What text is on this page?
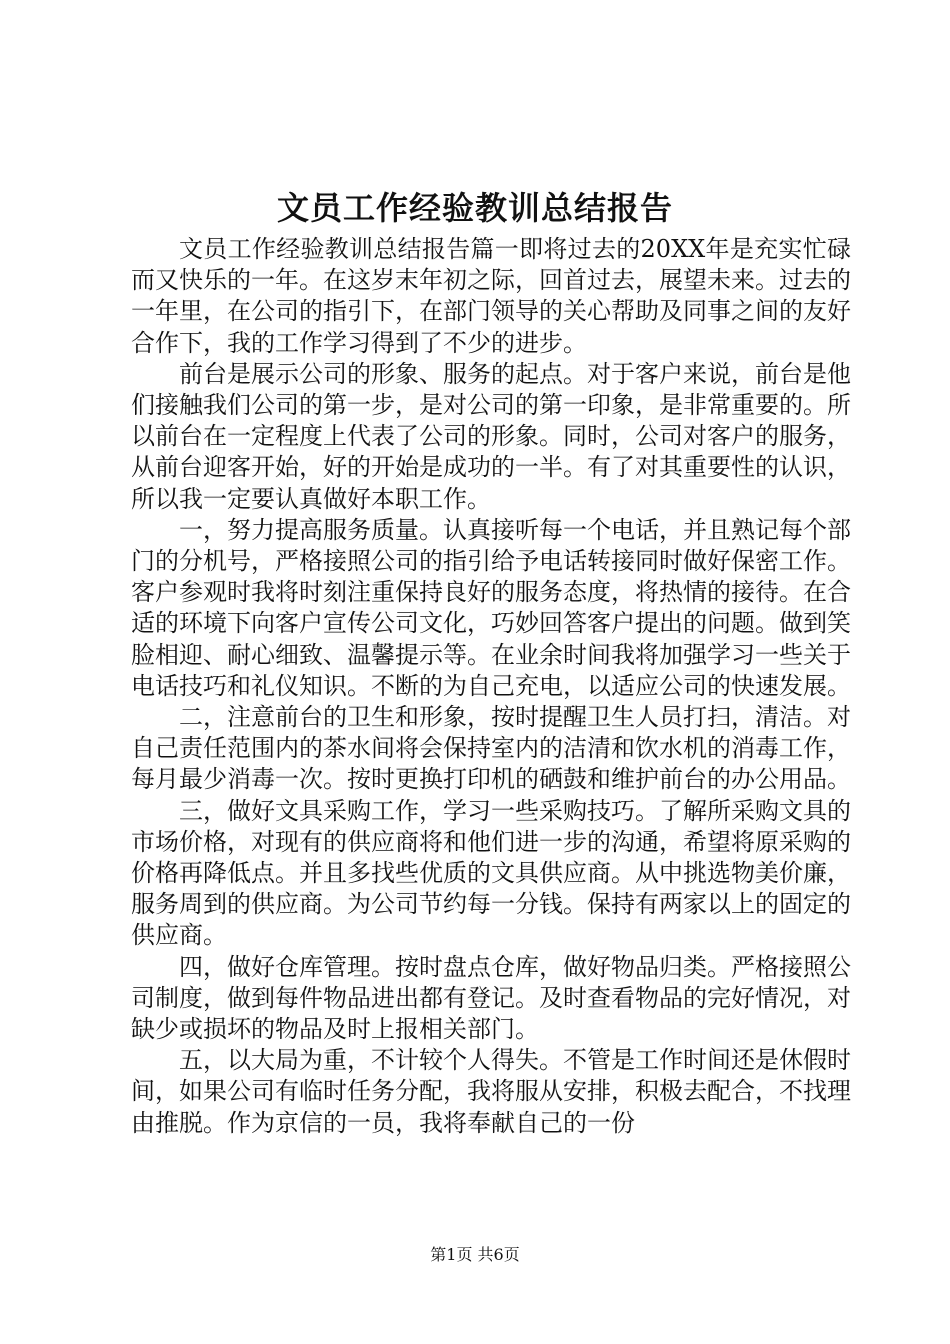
文员工作经验教训总结报告

文员工作经验教训总结报告篇一即将过去的20XX年是充实忙碌而又快乐的一年。在这岁末年初之际，回首过去，展望未来。过去的一年里，在公司的指引下，在部门领导的关心帮助及同事之间的友好合作下，我的工作学习得到了不少的进步。

前台是展示公司的形象、服务的起点。对于客户来说，前台是他们接触我们公司的第一步，是对公司的第一印象，是非常重要的。所以前台在一定程度上代表了公司的形象。同时，公司对客户的服务，从前台迎客开始，好的开始是成功的一半。有了对其重要性的认识，所以我一定要认真做好本职工作。

一，努力提高服务质量。认真接听每一个电话，并且熟记每个部门的分机号，严格接照公司的指引给予电话转接同时做好保密工作。客户参观时我将时刻注重保持良好的服务态度，将热情的接待。在合适的环境下向客户宣传公司文化，巧妙回答客户提出的问题。做到笑脸相迎、耐心细致、温馨提示等。在业余时间我将加强学习一些关于电话技巧和礼仪知识。不断的为自己充电，以适应公司的快速发展。

二，注意前台的卫生和形象，按时提醒卫生人员打扫，清洁。对自己责任范围内的茶水间将会保持室内的洁清和饮水机的消毒工作，每月最少消毒一次。按时更换打印机的硒鼓和维护前台的办公用品。

三，做好文具采购工作，学习一些采购技巧。了解所采购文具的市场价格，对现有的供应商将和他们进一步的沟通，希望将原采购的价格再降低点。并且多找些优质的文具供应商。从中挑选物美价廉，服务周到的供应商。为公司节约每一分钱。保持有两家以上的固定的供应商。

四，做好仓库管理。按时盘点仓库，做好物品归类。严格接照公司制度，做到每件物品进出都有登记。及时查看物品的完好情况，对缺少或损坏的物品及时上报相关部门。

五，以大局为重，不计较个人得失。不管是工作时间还是休假时间，如果公司有临时任务分配，我将服从安排，积极去配合，不找理由推脱。作为京信的一员，我将奉献自己的一份

第1页 共6页
